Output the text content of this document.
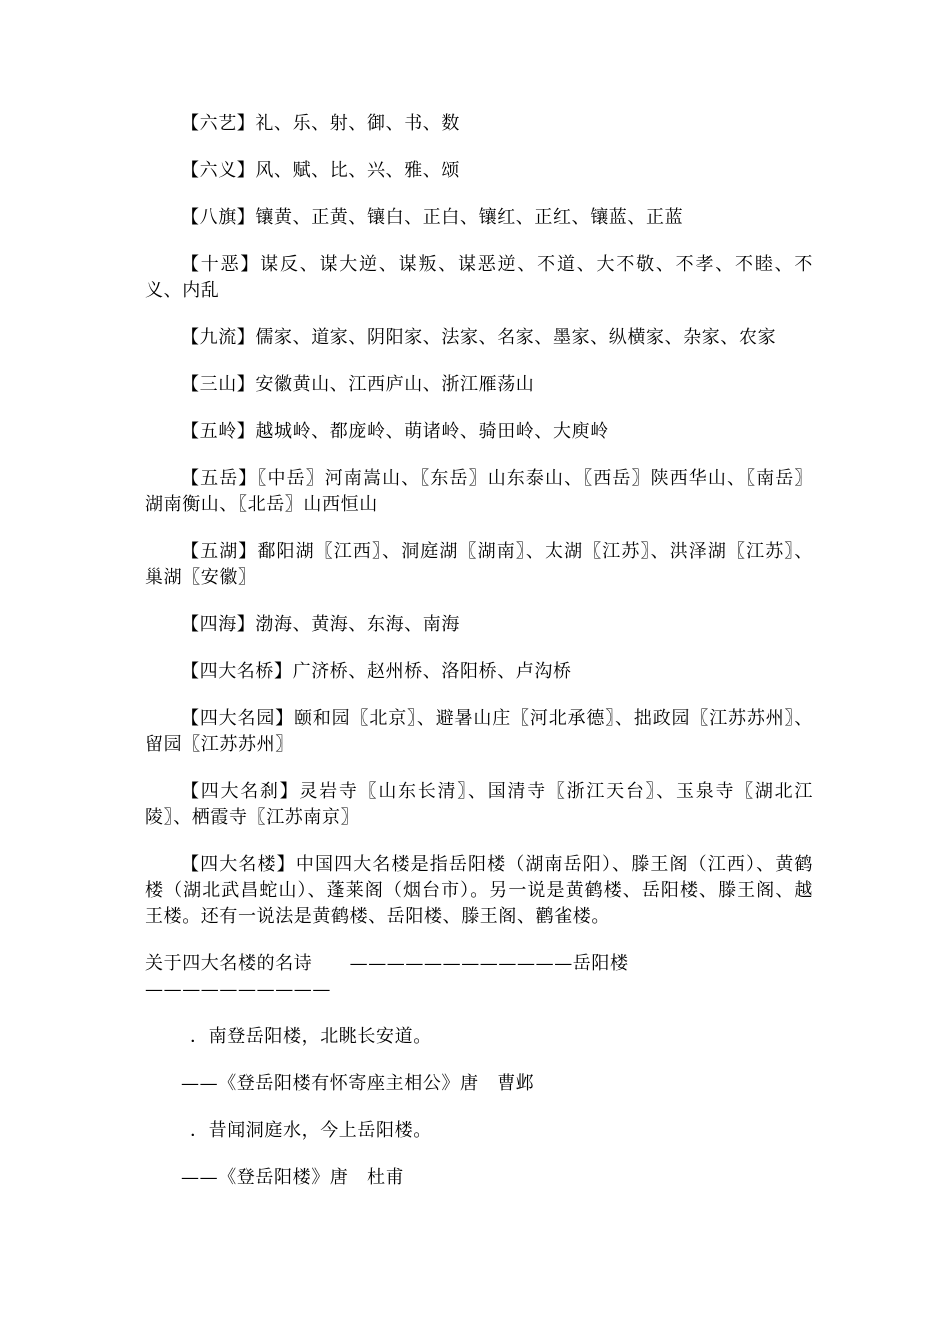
【六艺】礼、乐、射、御、书、数

【六义】风、赋、比、兴、雅、颂

【八旗】镶黄、正黄、镶白、正白、镶红、正红、镶蓝、正蓝

【十恶】谋反、谋大逆、谋叛、谋恶逆、不道、大不敬、不孝、不睦、不义、内乱

【九流】儒家、道家、阴阳家、法家、名家、墨家、纵横家、杂家、农家

【三山】安徽黄山、江西庐山、浙江雁荡山

【五岭】越城岭、都庞岭、萌诸岭、骑田岭、大庾岭

【五岳】〖中岳〗河南嵩山、〖东岳〗山东泰山、〖西岳〗陕西华山、〖南岳〗湖南衡山、〖北岳〗山西恒山

【五湖】鄱阳湖〖江西〗、洞庭湖〖湖南〗、太湖〖江苏〗、洪泽湖〖江苏〗、巢湖〖安徽〗

【四海】渤海、黄海、东海、南海

【四大名桥】广济桥、赵州桥、洛阳桥、卢沟桥

【四大名园】颐和园〖北京〗、避暑山庄〖河北承德〗、拙政园〖江苏苏州〗、留园〖江苏苏州〗

【四大名刹】灵岩寺〖山东长清〗、国清寺〖浙江天台〗、玉泉寺〖湖北江陵〗、栖霞寺〖江苏南京〗

【四大名楼】中国四大名楼是指岳阳楼（湖南岳阳）、滕王阁（江西）、黄鹤楼（湖北武昌蛇山）、蓬莱阁（烟台市）。另一说是黄鹤楼、岳阳楼、滕王阁、越王楼。还有一说法是黄鹤楼、岳阳楼、滕王阁、鹳雀楼。

关于四大名楼的名诗　　————————————岳阳楼——————————

．南登岳阳楼，北眺长安道。

——《登岳阳楼有怀寄座主相公》唐　曹邺

．昔闻洞庭水，今上岳阳楼。

——《登岳阳楼》唐　杜甫
